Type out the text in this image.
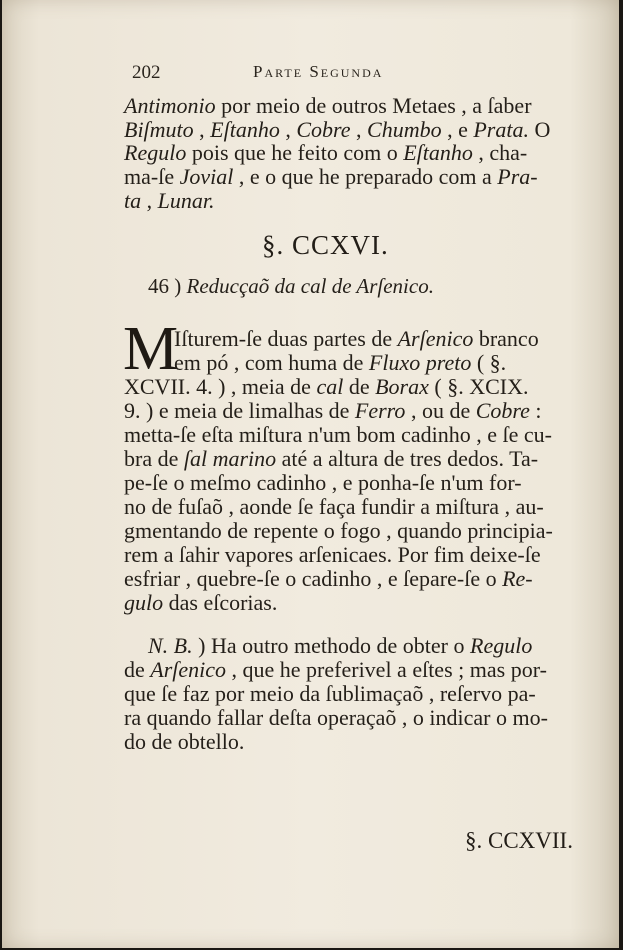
202	Parte Segunda
Antimonio por meio de outros Metaes , a ſaber
Biſmuto , Eſtanho , Cobre , Chumbo , e Prata. O
Regulo pois que he feito com o Eſtanho , cha-
ma-ſe Jovial , e o que he preparado com a Pra-
ta , Lunar.
§. CCXVI.
46 ) Reducçaõ da cal de Arſenico.
M
Iſturem-ſe duas partes de Arſenico branco
em pó , com huma de Fluxo preto ( §.
XCVII. 4. ) , meia de cal de Borax ( §. XCIX.
9. ) e meia de limalhas de Ferro , ou de Cobre :
metta-ſe eſta miſtura n'um bom cadinho , e ſe cu-
bra de ſal marino até a altura de tres dedos. Ta-
pe-ſe o meſmo cadinho , e ponha-ſe n'um for-
no de fuſaõ , aonde ſe faça fundir a miſtura , au-
gmentando de repente o fogo , quando principia-
rem a ſahir vapores arſenicaes. Por fim deixe-ſe
esfriar , quebre-ſe o cadinho , e ſepare-ſe o Re-
gulo das eſcorias.
N. B. ) Ha outro methodo de obter o Regulo
de Arſenico , que he preferivel a eſtes ; mas por-
que ſe faz por meio da ſublimaçaõ , reſervo pa-
ra quando fallar deſta operaçaõ , o indicar o mo-
do de obtello.
§. CCXVII.
